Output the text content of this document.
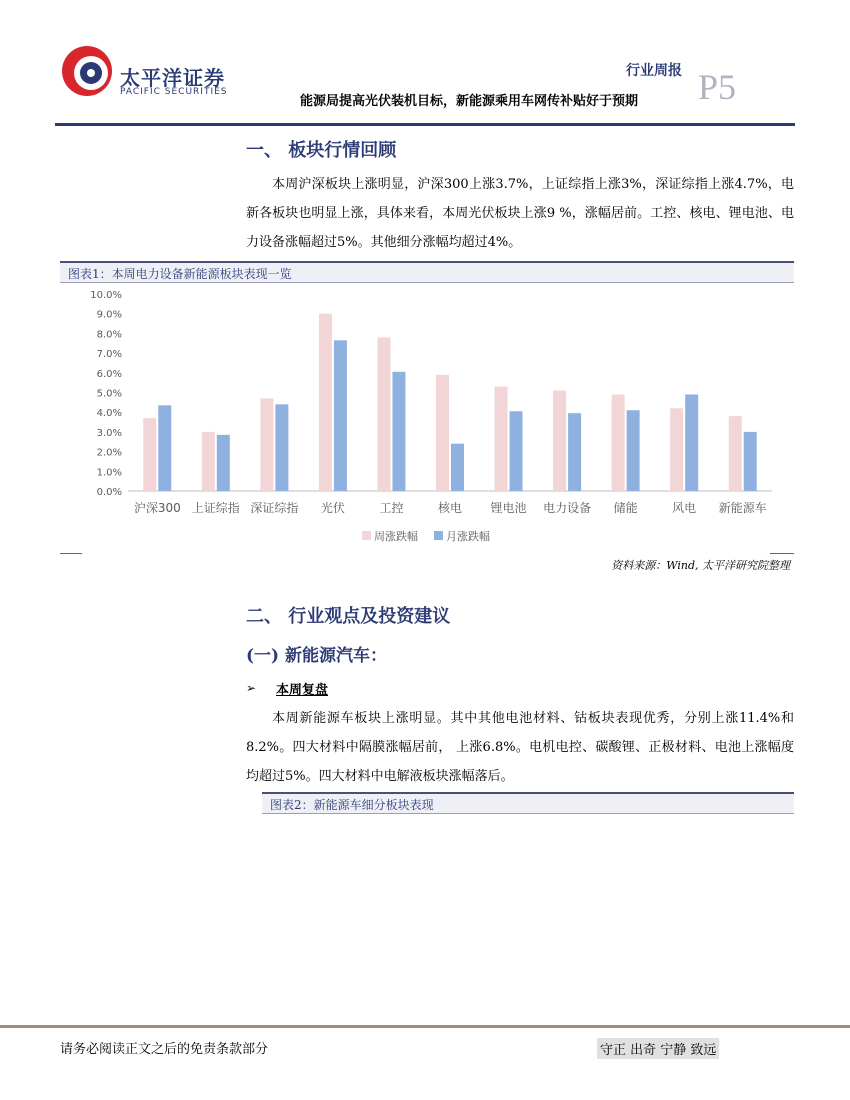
太平洋证券
PACIFIC SECURITIES
行业周报
能源局提高光伏装机目标，新能源乘用车网传补贴好于预期 P5
一、 板块行情回顾

本周沪深板块上涨明显，沪深300上涨3.7%，上证综指上涨3%，深证综指上涨4.7%，电新各板块也明显上涨，具体来看，本周光伏板块上涨9 %，涨幅居前。工控、核电、锂电池、电力设备涨幅超过5%。其他细分涨幅均超过4%。

图表1：本周电力设备新能源板块表现一览
0.0%
1.0%
2.0%
3.0%
4.0%
5.0%
6.0%
7.0%
8.0%
9.0%
10.0%
沪深300 上证综指 深证综指 光伏	工控	核电 锂电池 电力设备 储能	风电 新能源车
周涨跌幅	月涨跌幅
资料来源：Wind, 太平洋研究院整理
二、 行业观点及投资建议
(一) 新能源汽车：
➢ 本周复盘

本周新能源车板块上涨明显。其中其他电池材料、钴板块表现优秀，分别上涨11.4%和8.2%。四大材料中隔膜涨幅居前， 上涨6.8%。电机电控、碳酸锂、正极材料、电池上涨幅度均超过5%。四大材料中电解液板块涨幅落后。

图表2：新能源车细分板块表现
请务必阅读正文之后的免责条款部分	守正 出奇 宁静 致远
